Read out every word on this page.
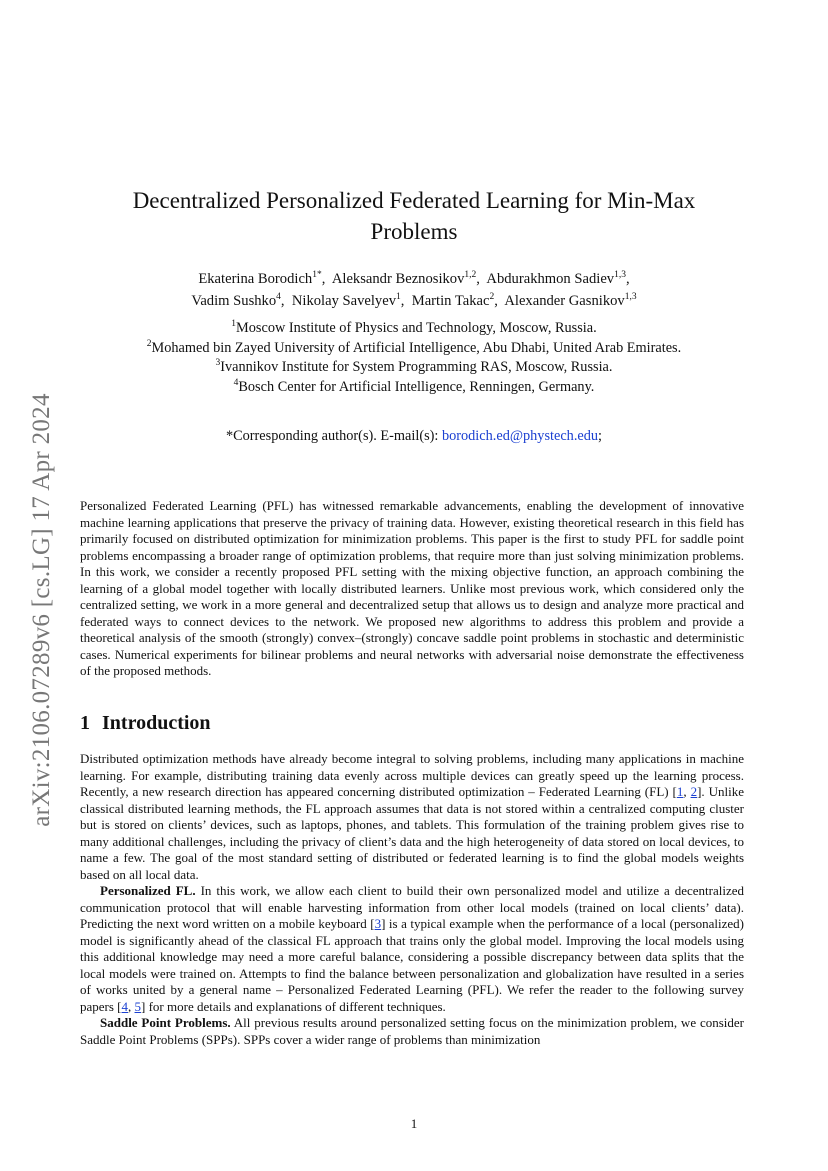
arXiv:2106.07289v6 [cs.LG] 17 Apr 2024
Decentralized Personalized Federated Learning for Min-Max Problems
Ekaterina Borodich$^{1*}$,  Aleksandr Beznosikov$^{1,2}$,  Abdurakhmon Sadiev$^{1,3}$,
Vadim Sushko$^4$,  Nikolay Savelyev$^1$,  Martin Takac$^2$,  Alexander Gasnikov$^{1,3}$
$^1$Moscow Institute of Physics and Technology, Moscow, Russia.
$^2$Mohamed bin Zayed University of Artificial Intelligence, Abu Dhabi, United Arab Emirates.
$^3$Ivannikov Institute for System Programming RAS, Moscow, Russia.
$^4$Bosch Center for Artificial Intelligence, Renningen, Germany.
*Corresponding author(s). E-mail(s): borodich.ed@phystech.edu;
Personalized Federated Learning (PFL) has witnessed remarkable advancements, enabling the development of innovative machine learning applications that preserve the privacy of training data. However, existing theoretical research in this field has primarily focused on distributed optimization for minimization problems. This paper is the first to study PFL for saddle point problems encompassing a broader range of optimization problems, that require more than just solving minimization problems. In this work, we consider a recently proposed PFL setting with the mixing objective function, an approach combining the learning of a global model together with locally distributed learners. Unlike most previous work, which considered only the centralized setting, we work in a more general and decentralized setup that allows us to design and analyze more practical and federated ways to connect devices to the network. We proposed new algorithms to address this problem and provide a theoretical analysis of the smooth (strongly) convex–(strongly) concave saddle point problems in stochastic and deterministic cases. Numerical experiments for bilinear problems and neural networks with adversarial noise demonstrate the effectiveness of the proposed methods.
1 Introduction

Distributed optimization methods have already become integral to solving problems, including many applications in machine learning. For example, distributing training data evenly across multiple devices can greatly speed up the learning process. Recently, a new research direction has appeared concerning distributed optimization – Federated Learning (FL) [1, 2]. Unlike classical distributed learning methods, the FL approach assumes that data is not stored within a centralized computing cluster but is stored on clients’ devices, such as laptops, phones, and tablets. This formulation of the training problem gives rise to many additional challenges, including the privacy of client’s data and the high heterogeneity of data stored on local devices, to name a few. The goal of the most standard setting of distributed or federated learning is to find the global models weights based on all local data.

Personalized FL. In this work, we allow each client to build their own personalized model and utilize a decentralized communication protocol that will enable harvesting information from other local models (trained on local clients’ data). Predicting the next word written on a mobile keyboard [3] is a typical example when the performance of a local (personalized) model is significantly ahead of the classical FL approach that trains only the global model. Improving the local models using this additional knowledge may need a more careful balance, considering a possible discrepancy between data splits that the local models were trained on. Attempts to find the balance between personalization and globalization have resulted in a series of works united by a general name – Personalized Federated Learning (PFL). We refer the reader to the following survey papers [4, 5] for more details and explanations of different techniques.

Saddle Point Problems. All previous results around personalized setting focus on the minimization problem, we consider Saddle Point Problems (SPPs). SPPs cover a wider range of problems than minimization

1
